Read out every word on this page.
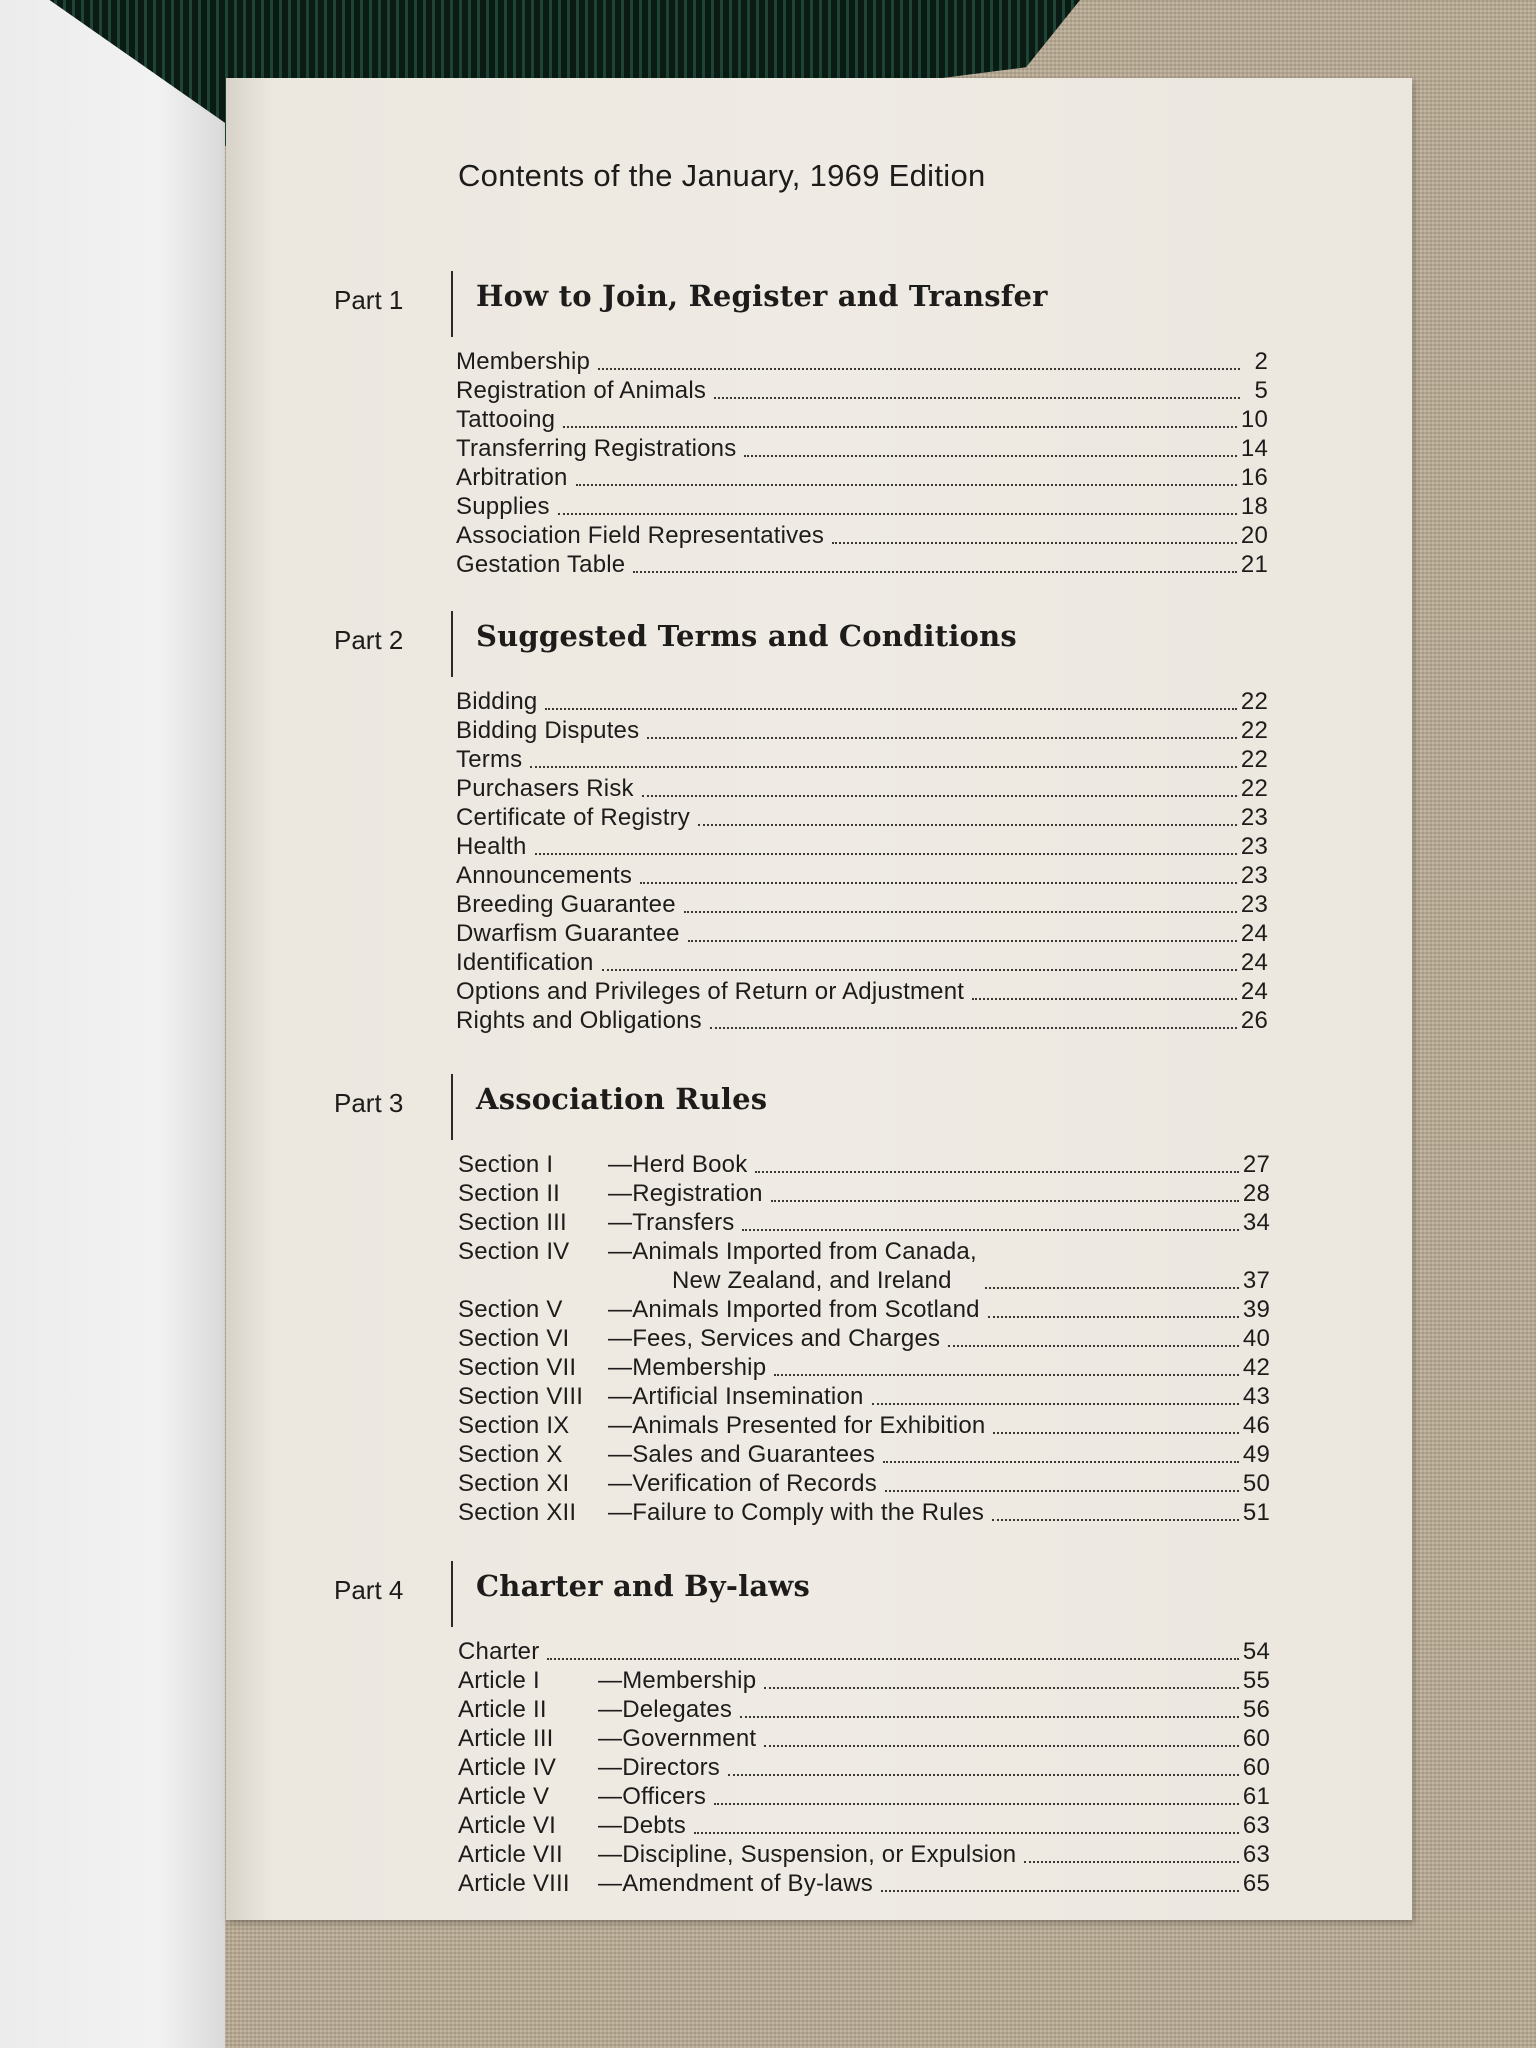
Contents of the January, 1969 Edition
Part 1	How to Join, Register and Transfer
Membership	2
Registration of Animals	5
Tattooing	10
Transferring Registrations	14
Arbitration	16
Supplies	18
Association Field Representatives	20
Gestation Table	21
Part 2	Suggested Terms and Conditions
Bidding	22
Bidding Disputes	22
Terms	22
Purchasers Risk	22
Certificate of Registry	23
Health	23
Announcements	23
Breeding Guarantee	23
Dwarfism Guarantee	24
Identification	24
Options and Privileges of Return or Adjustment	24
Rights and Obligations	26
Part 3	Association Rules
Section I —Herd Book	27
Section II —Registration	28
Section III —Transfers	34
Section IV —Animals Imported from Canada,
New Zealand, and Ireland	37
Section V —Animals Imported from Scotland	39
Section VI —Fees, Services and Charges	40
Section VII —Membership	42
Section VIII —Artificial Insemination	43
Section IX —Animals Presented for Exhibition	46
Section X —Sales and Guarantees	49
Section XI —Verification of Records	50
Section XII —Failure to Comply with the Rules	51
Part 4	Charter and By-laws
Charter	54
Article I —Membership	55
Article II —Delegates	56
Article III —Government	60
Article IV —Directors	60
Article V —Officers	61
Article VI —Debts	63
Article VII —Discipline, Suspension, or Expulsion	63
Article VIII —Amendment of By-laws	65
